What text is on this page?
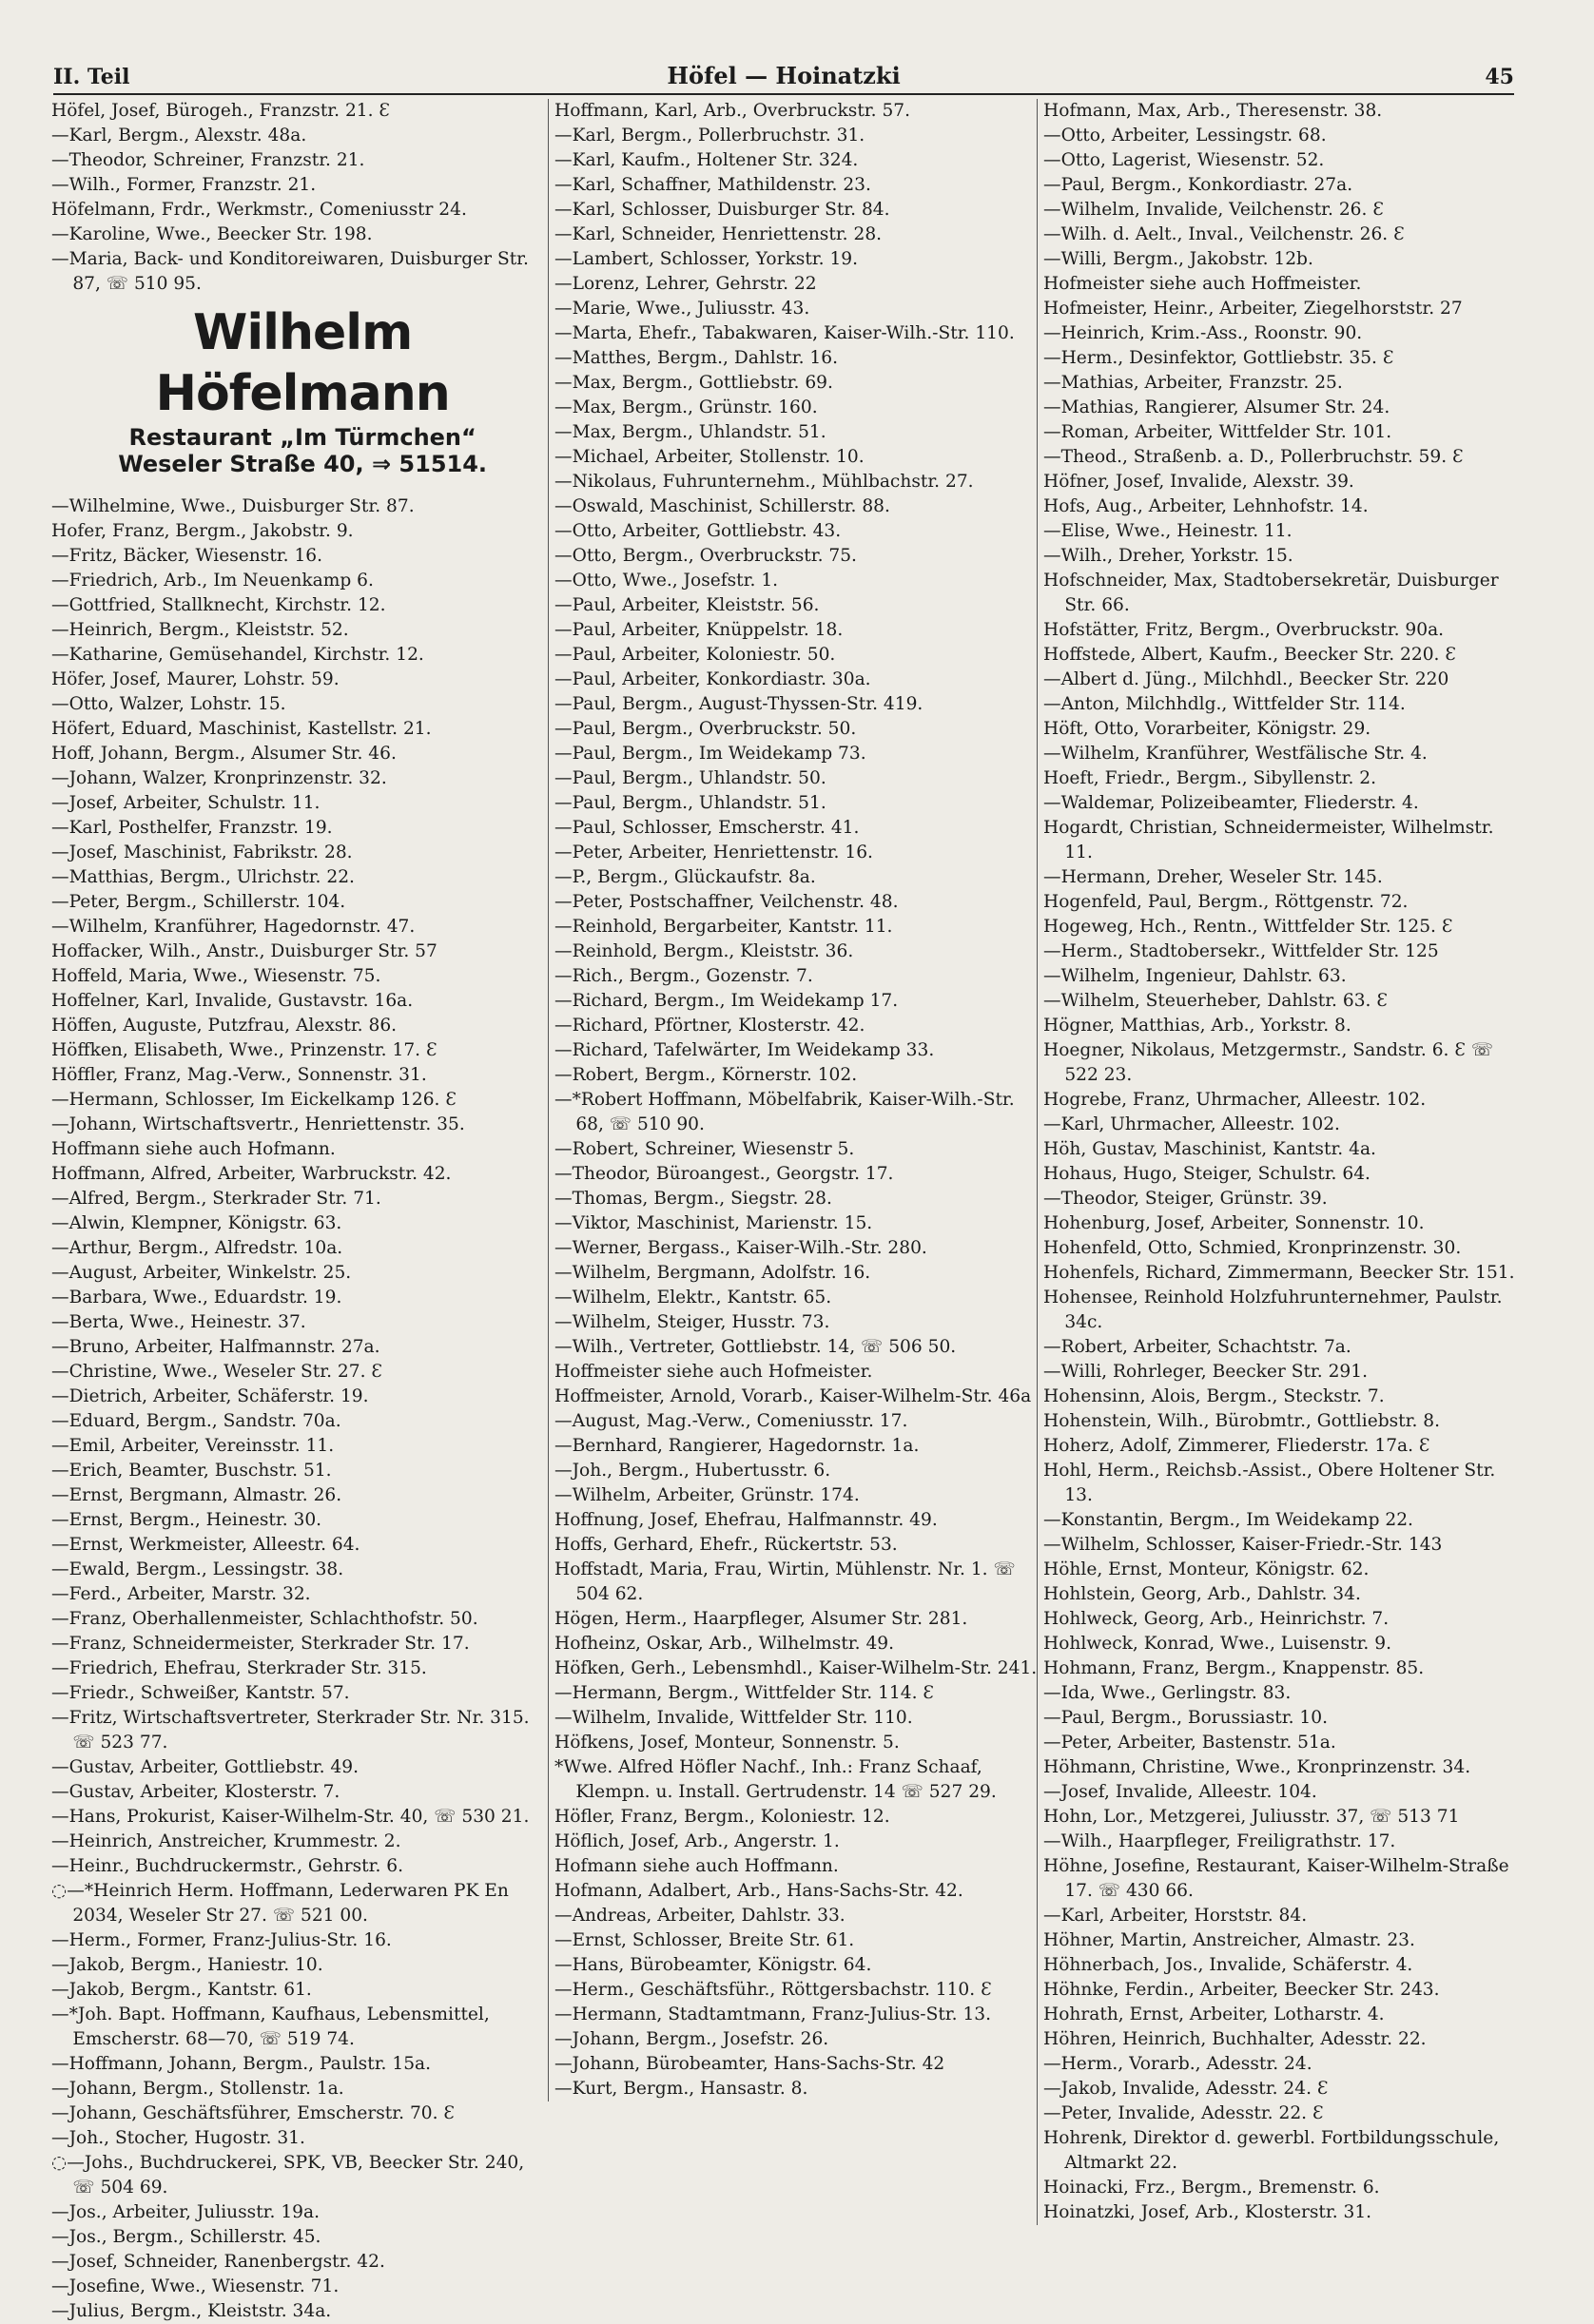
II. Teil	Höfel — Hoinatzki	45
Höfel, Josef, Bürogeh., Franzstr. 21. Ɛ
—Karl, Bergm., Alexstr. 48a.
—Theodor, Schreiner, Franzstr. 21.
—Wilh., Former, Franzstr. 21.
Höfelmann, Frdr., Werkmstr., Comeniusstr 24.
—Karoline, Wwe., Beecker Str. 198.
—Maria, Back- und Konditoreiwaren, Duisburger Str. 87, ☏ 510 95.
Wilhelm Höfelmann
Restaurant „Im Türmchen“
Weseler Straße 40, ⇒ 51514.
—Wilhelmine, Wwe., Duisburger Str. 87.
Hofer, Franz, Bergm., Jakobstr. 9.
—Fritz, Bäcker, Wiesenstr. 16.
—Friedrich, Arb., Im Neuenkamp 6.
—Gottfried, Stallknecht, Kirchstr. 12.
—Heinrich, Bergm., Kleiststr. 52.
—Katharine, Gemüsehandel, Kirchstr. 12.
Höfer, Josef, Maurer, Lohstr. 59.
—Otto, Walzer, Lohstr. 15.
Höfert, Eduard, Maschinist, Kastellstr. 21.
Hoff, Johann, Bergm., Alsumer Str. 46.
—Johann, Walzer, Kronprinzenstr. 32.
—Josef, Arbeiter, Schulstr. 11.
—Karl, Posthelfer, Franzstr. 19.
—Josef, Maschinist, Fabrikstr. 28.
—Matthias, Bergm., Ulrichstr. 22.
—Peter, Bergm., Schillerstr. 104.
—Wilhelm, Kranführer, Hagedornstr. 47.
Hoffacker, Wilh., Anstr., Duisburger Str. 57
Hoffeld, Maria, Wwe., Wiesenstr. 75.
Hoffelner, Karl, Invalide, Gustavstr. 16a.
Höffen, Auguste, Putzfrau, Alexstr. 86.
Höffken, Elisabeth, Wwe., Prinzenstr. 17. Ɛ
Höffler, Franz, Mag.-Verw., Sonnenstr. 31.
—Hermann, Schlosser, Im Eickelkamp 126. Ɛ
—Johann, Wirtschaftsvertr., Henriettenstr. 35.
Hoffmann siehe auch Hofmann.
Hoffmann, Alfred, Arbeiter, Warbruckstr. 42.
—Alfred, Bergm., Sterkrader Str. 71.
—Alwin, Klempner, Königstr. 63.
—Arthur, Bergm., Alfredstr. 10a.
—August, Arbeiter, Winkelstr. 25.
—Barbara, Wwe., Eduardstr. 19.
—Berta, Wwe., Heinestr. 37.
—Bruno, Arbeiter, Halfmannstr. 27a.
—Christine, Wwe., Weseler Str. 27. Ɛ
—Dietrich, Arbeiter, Schäferstr. 19.
—Eduard, Bergm., Sandstr. 70a.
—Emil, Arbeiter, Vereinsstr. 11.
—Erich, Beamter, Buschstr. 51.
—Ernst, Bergmann, Almastr. 26.
—Ernst, Bergm., Heinestr. 30.
—Ernst, Werkmeister, Alleestr. 64.
—Ewald, Bergm., Lessingstr. 38.
—Ferd., Arbeiter, Marstr. 32.
—Franz, Oberhallenmeister, Schlachthofstr. 50.
—Franz, Schneidermeister, Sterkrader Str. 17.
—Friedrich, Ehefrau, Sterkrader Str. 315.
—Friedr., Schweißer, Kantstr. 57.
—Fritz, Wirtschaftsvertreter, Sterkrader Str. Nr. 315. ☏ 523 77.
—Gustav, Arbeiter, Gottliebstr. 49.
—Gustav, Arbeiter, Klosterstr. 7.
—Hans, Prokurist, Kaiser-Wilhelm-Str. 40, ☏ 530 21.
—Heinrich, Anstreicher, Krummestr. 2.
—Heinr., Buchdruckermstr., Gehrstr. 6.
◌—*Heinrich Herm. Hoffmann, Lederwaren PK En 2034, Weseler Str 27. ☏ 521 00.
—Herm., Former, Franz-Julius-Str. 16.
—Jakob, Bergm., Haniestr. 10.
—Jakob, Bergm., Kantstr. 61.
—*Joh. Bapt. Hoffmann, Kaufhaus, Lebensmittel, Emscherstr. 68—70, ☏ 519 74.
—Hoffmann, Johann, Bergm., Paulstr. 15a.
—Johann, Bergm., Stollenstr. 1a.
—Johann, Geschäftsführer, Emscherstr. 70. Ɛ
—Joh., Stocher, Hugostr. 31.
◌—Johs., Buchdruckerei, SPK, VB, Beecker Str. 240, ☏ 504 69.
—Jos., Arbeiter, Juliusstr. 19a.
—Jos., Bergm., Schillerstr. 45.
—Josef, Schneider, Ranenbergstr. 42.
—Josefine, Wwe., Wiesenstr. 71.
—Julius, Bergm., Kleiststr. 34a.
Hoffmann, Karl, Arb., Overbruckstr. 57.
—Karl, Bergm., Pollerbruchstr. 31.
—Karl, Kaufm., Holtener Str. 324.
—Karl, Schaffner, Mathildenstr. 23.
—Karl, Schlosser, Duisburger Str. 84.
—Karl, Schneider, Henriettenstr. 28.
—Lambert, Schlosser, Yorkstr. 19.
—Lorenz, Lehrer, Gehrstr. 22
—Marie, Wwe., Juliusstr. 43.
—Marta, Ehefr., Tabakwaren, Kaiser-Wilh.-Str. 110.
—Matthes, Bergm., Dahlstr. 16.
—Max, Bergm., Gottliebstr. 69.
—Max, Bergm., Grünstr. 160.
—Max, Bergm., Uhlandstr. 51.
—Michael, Arbeiter, Stollenstr. 10.
—Nikolaus, Fuhrunternehm., Mühlbachstr. 27.
—Oswald, Maschinist, Schillerstr. 88.
—Otto, Arbeiter, Gottliebstr. 43.
—Otto, Bergm., Overbruckstr. 75.
—Otto, Wwe., Josefstr. 1.
—Paul, Arbeiter, Kleiststr. 56.
—Paul, Arbeiter, Knüppelstr. 18.
—Paul, Arbeiter, Koloniestr. 50.
—Paul, Arbeiter, Konkordiastr. 30a.
—Paul, Bergm., August-Thyssen-Str. 419.
—Paul, Bergm., Overbruckstr. 50.
—Paul, Bergm., Im Weidekamp 73.
—Paul, Bergm., Uhlandstr. 50.
—Paul, Bergm., Uhlandstr. 51.
—Paul, Schlosser, Emscherstr. 41.
—Peter, Arbeiter, Henriettenstr. 16.
—P., Bergm., Glückaufstr. 8a.
—Peter, Postschaffner, Veilchenstr. 48.
—Reinhold, Bergarbeiter, Kantstr. 11.
—Reinhold, Bergm., Kleiststr. 36.
—Rich., Bergm., Gozenstr. 7.
—Richard, Bergm., Im Weidekamp 17.
—Richard, Pförtner, Klosterstr. 42.
—Richard, Tafelwärter, Im Weidekamp 33.
—Robert, Bergm., Körnerstr. 102.
—*Robert Hoffmann, Möbelfabrik, Kaiser-Wilh.-Str. 68, ☏ 510 90.
—Robert, Schreiner, Wiesenstr 5.
—Theodor, Büroangest., Georgstr. 17.
—Thomas, Bergm., Siegstr. 28.
—Viktor, Maschinist, Marienstr. 15.
—Werner, Bergass., Kaiser-Wilh.-Str. 280.
—Wilhelm, Bergmann, Adolfstr. 16.
—Wilhelm, Elektr., Kantstr. 65.
—Wilhelm, Steiger, Husstr. 73.
—Wilh., Vertreter, Gottliebstr. 14, ☏ 506 50.
Hoffmeister siehe auch Hofmeister.
Hoffmeister, Arnold, Vorarb., Kaiser-Wilhelm-Str. 46a
—August, Mag.-Verw., Comeniusstr. 17.
—Bernhard, Rangierer, Hagedornstr. 1a.
—Joh., Bergm., Hubertusstr. 6.
—Wilhelm, Arbeiter, Grünstr. 174.
Hoffnung, Josef, Ehefrau, Halfmannstr. 49.
Hoffs, Gerhard, Ehefr., Rückertstr. 53.
Hoffstadt, Maria, Frau, Wirtin, Mühlenstr. Nr. 1. ☏ 504 62.
Högen, Herm., Haarpfleger, Alsumer Str. 281.
Hofheinz, Oskar, Arb., Wilhelmstr. 49.
Höfken, Gerh., Lebensmhdl., Kaiser-Wilhelm-Str. 241.
—Hermann, Bergm., Wittfelder Str. 114. Ɛ
—Wilhelm, Invalide, Wittfelder Str. 110.
Höfkens, Josef, Monteur, Sonnenstr. 5.
*Wwe. Alfred Höfler Nachf., Inh.: Franz Schaaf, Klempn. u. Install. Gertrudenstr. 14 ☏ 527 29.
Höfler, Franz, Bergm., Koloniestr. 12.
Höflich, Josef, Arb., Angerstr. 1.
Hofmann siehe auch Hoffmann.
Hofmann, Adalbert, Arb., Hans-Sachs-Str. 42.
—Andreas, Arbeiter, Dahlstr. 33.
—Ernst, Schlosser, Breite Str. 61.
—Hans, Bürobeamter, Königstr. 64.
—Herm., Geschäftsführ., Röttgersbachstr. 110. Ɛ
—Hermann, Stadtamtmann, Franz-Julius-Str. 13.
—Johann, Bergm., Josefstr. 26.
—Johann, Bürobeamter, Hans-Sachs-Str. 42
—Kurt, Bergm., Hansastr. 8.
Hofmann, Max, Arb., Theresenstr. 38.
—Otto, Arbeiter, Lessingstr. 68.
—Otto, Lagerist, Wiesenstr. 52.
—Paul, Bergm., Konkordiastr. 27a.
—Wilhelm, Invalide, Veilchenstr. 26. Ɛ
—Wilh. d. Aelt., Inval., Veilchenstr. 26. Ɛ
—Willi, Bergm., Jakobstr. 12b.
Hofmeister siehe auch Hoffmeister.
Hofmeister, Heinr., Arbeiter, Ziegelhorststr. 27
—Heinrich, Krim.-Ass., Roonstr. 90.
—Herm., Desinfektor, Gottliebstr. 35. Ɛ
—Mathias, Arbeiter, Franzstr. 25.
—Mathias, Rangierer, Alsumer Str. 24.
—Roman, Arbeiter, Wittfelder Str. 101.
—Theod., Straßenb. a. D., Pollerbruchstr. 59. Ɛ
Höfner, Josef, Invalide, Alexstr. 39.
Hofs, Aug., Arbeiter, Lehnhofstr. 14.
—Elise, Wwe., Heinestr. 11.
—Wilh., Dreher, Yorkstr. 15.
Hofschneider, Max, Stadtobersekretär, Duisburger Str. 66.
Hofstätter, Fritz, Bergm., Overbruckstr. 90a.
Hoffstede, Albert, Kaufm., Beecker Str. 220. Ɛ
—Albert d. Jüng., Milchhdl., Beecker Str. 220
—Anton, Milchhdlg., Wittfelder Str. 114.
Höft, Otto, Vorarbeiter, Königstr. 29.
—Wilhelm, Kranführer, Westfälische Str. 4.
Hoeft, Friedr., Bergm., Sibyllenstr. 2.
—Waldemar, Polizeibeamter, Fliederstr. 4.
Hogardt, Christian, Schneidermeister, Wilhelmstr. 11.
—Hermann, Dreher, Weseler Str. 145.
Hogenfeld, Paul, Bergm., Röttgenstr. 72.
Hogeweg, Hch., Rentn., Wittfelder Str. 125. Ɛ
—Herm., Stadtobersekr., Wittfelder Str. 125
—Wilhelm, Ingenieur, Dahlstr. 63.
—Wilhelm, Steuerheber, Dahlstr. 63. Ɛ
Högner, Matthias, Arb., Yorkstr. 8.
Hoegner, Nikolaus, Metzgermstr., Sandstr. 6. Ɛ ☏ 522 23.
Hogrebe, Franz, Uhrmacher, Alleestr. 102.
—Karl, Uhrmacher, Alleestr. 102.
Höh, Gustav, Maschinist, Kantstr. 4a.
Hohaus, Hugo, Steiger, Schulstr. 64.
—Theodor, Steiger, Grünstr. 39.
Hohenburg, Josef, Arbeiter, Sonnenstr. 10.
Hohenfeld, Otto, Schmied, Kronprinzenstr. 30.
Hohenfels, Richard, Zimmermann, Beecker Str. 151.
Hohensee, Reinhold Holzfuhrunternehmer, Paulstr. 34c.
—Robert, Arbeiter, Schachtstr. 7a.
—Willi, Rohrleger, Beecker Str. 291.
Hohensinn, Alois, Bergm., Steckstr. 7.
Hohenstein, Wilh., Bürobmtr., Gottliebstr. 8.
Hoherz, Adolf, Zimmerer, Fliederstr. 17a. Ɛ
Hohl, Herm., Reichsb.-Assist., Obere Holtener Str. 13.
—Konstantin, Bergm., Im Weidekamp 22.
—Wilhelm, Schlosser, Kaiser-Friedr.-Str. 143
Höhle, Ernst, Monteur, Königstr. 62.
Hohlstein, Georg, Arb., Dahlstr. 34.
Hohlweck, Georg, Arb., Heinrichstr. 7.
Hohlweck, Konrad, Wwe., Luisenstr. 9.
Hohmann, Franz, Bergm., Knappenstr. 85.
—Ida, Wwe., Gerlingstr. 83.
—Paul, Bergm., Borussiastr. 10.
—Peter, Arbeiter, Bastenstr. 51a.
Höhmann, Christine, Wwe., Kronprinzenstr. 34.
—Josef, Invalide, Alleestr. 104.
Hohn, Lor., Metzgerei, Juliusstr. 37, ☏ 513 71
—Wilh., Haarpfleger, Freiligrathstr. 17.
Höhne, Josefine, Restaurant, Kaiser-Wilhelm-Straße 17. ☏ 430 66.
—Karl, Arbeiter, Horststr. 84.
Höhner, Martin, Anstreicher, Almastr. 23.
Höhnerbach, Jos., Invalide, Schäferstr. 4.
Höhnke, Ferdin., Arbeiter, Beecker Str. 243.
Hohrath, Ernst, Arbeiter, Lotharstr. 4.
Höhren, Heinrich, Buchhalter, Adesstr. 22.
—Herm., Vorarb., Adesstr. 24.
—Jakob, Invalide, Adesstr. 24. Ɛ
—Peter, Invalide, Adesstr. 22. Ɛ
Hohrenk, Direktor d. gewerbl. Fortbildungsschule, Altmarkt 22.
Hoinacki, Frz., Bergm., Bremenstr. 6.
Hoinatzki, Josef, Arb., Klosterstr. 31.
